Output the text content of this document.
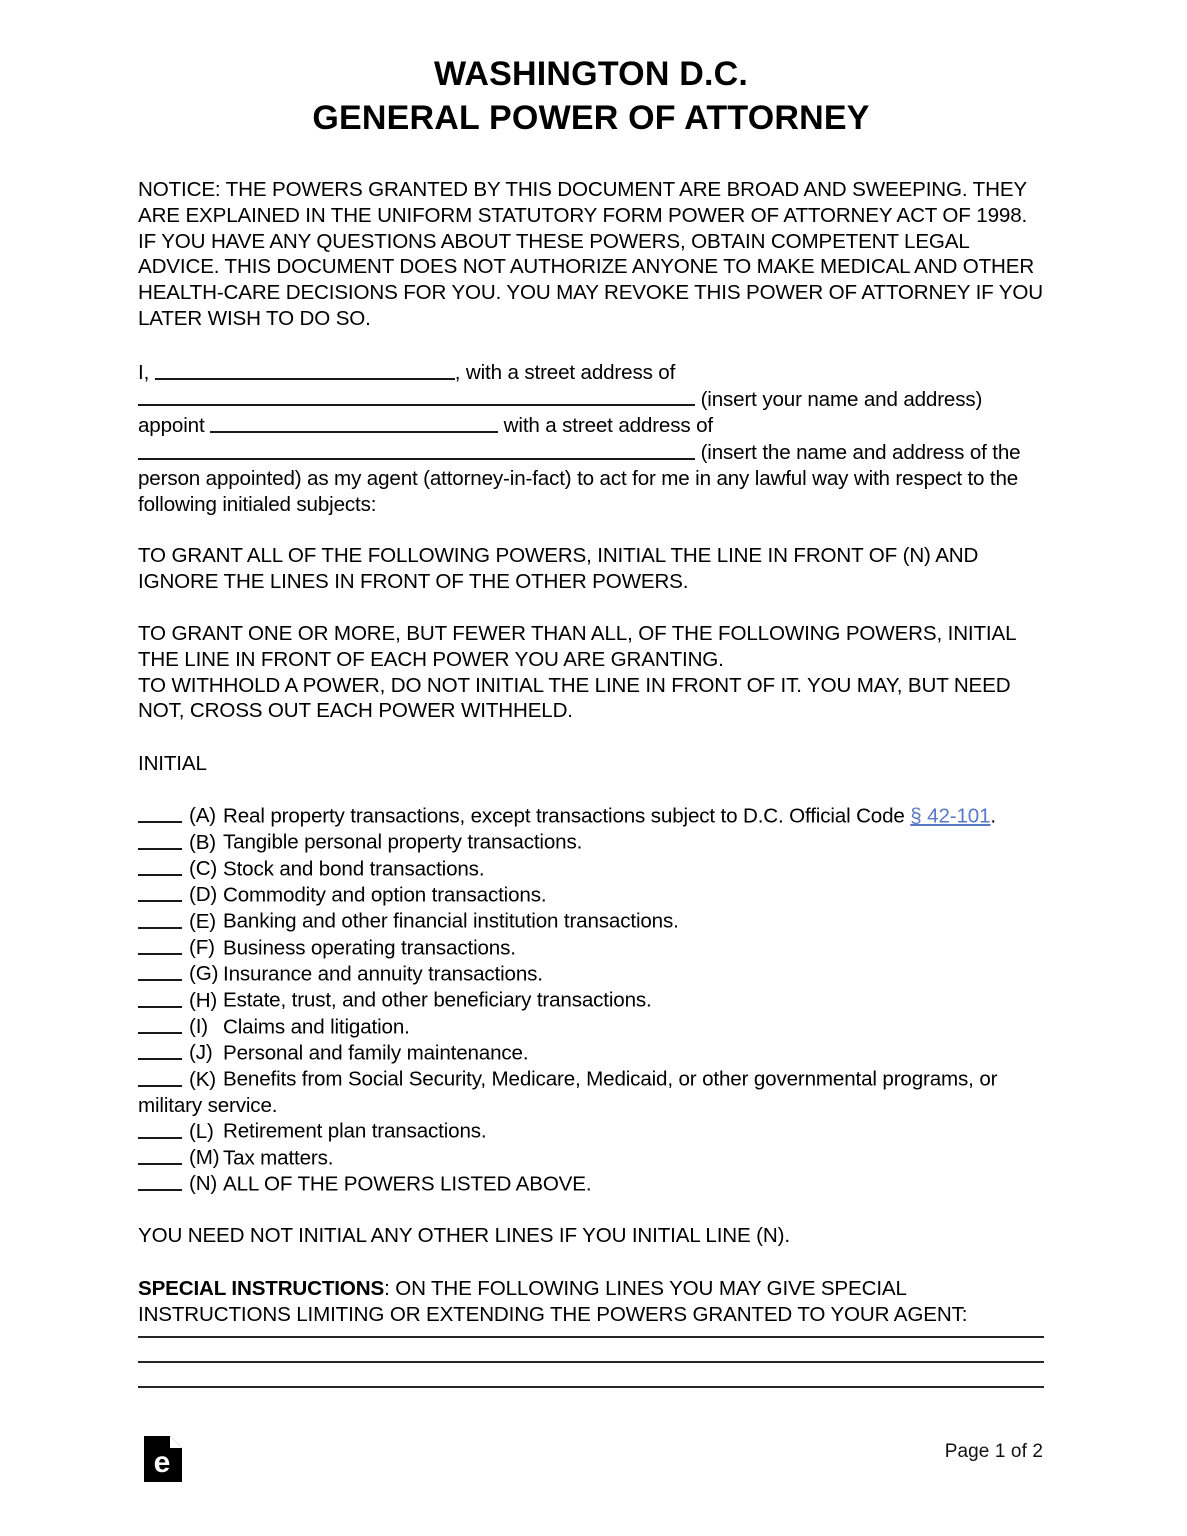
WASHINGTON D.C.
GENERAL POWER OF ATTORNEY
NOTICE: THE POWERS GRANTED BY THIS DOCUMENT ARE BROAD AND SWEEPING. THEY ARE EXPLAINED IN THE UNIFORM STATUTORY FORM POWER OF ATTORNEY ACT OF 1998. IF YOU HAVE ANY QUESTIONS ABOUT THESE POWERS, OBTAIN COMPETENT LEGAL ADVICE. THIS DOCUMENT DOES NOT AUTHORIZE ANYONE TO MAKE MEDICAL AND OTHER HEALTH-CARE DECISIONS FOR YOU. YOU MAY REVOKE THIS POWER OF ATTORNEY IF YOU LATER WISH TO DO SO.
I,	, with a street address of
(insert your name and address)
appoint	with a street address of
(insert the name and address of the
person appointed) as my agent (attorney-in-fact) to act for me in any lawful way with respect to the following initialed subjects:
TO GRANT ALL OF THE FOLLOWING POWERS, INITIAL THE LINE IN FRONT OF (N) AND IGNORE THE LINES IN FRONT OF THE OTHER POWERS.
TO GRANT ONE OR MORE, BUT FEWER THAN ALL, OF THE FOLLOWING POWERS, INITIAL THE LINE IN FRONT OF EACH POWER YOU ARE GRANTING.
TO WITHHOLD A POWER, DO NOT INITIAL THE LINE IN FRONT OF IT. YOU MAY, BUT NEED NOT, CROSS OUT EACH POWER WITHHELD.
INITIAL
(A) Real property transactions, except transactions subject to D.C. Official Code § 42-101.
(B) Tangible personal property transactions.
(C) Stock and bond transactions.
(D) Commodity and option transactions.
(E) Banking and other financial institution transactions.
(F) Business operating transactions.
(G) Insurance and annuity transactions.
(H) Estate, trust, and other beneficiary transactions.
(I) Claims and litigation.
(J) Personal and family maintenance.
(K) Benefits from Social Security, Medicare, Medicaid, or other governmental programs, or military service.
(L) Retirement plan transactions.
(M) Tax matters.
(N) ALL OF THE POWERS LISTED ABOVE.
YOU NEED NOT INITIAL ANY OTHER LINES IF YOU INITIAL LINE (N).
SPECIAL INSTRUCTIONS: ON THE FOLLOWING LINES YOU MAY GIVE SPECIAL INSTRUCTIONS LIMITING OR EXTENDING THE POWERS GRANTED TO YOUR AGENT:
e	Page 1 of 2
